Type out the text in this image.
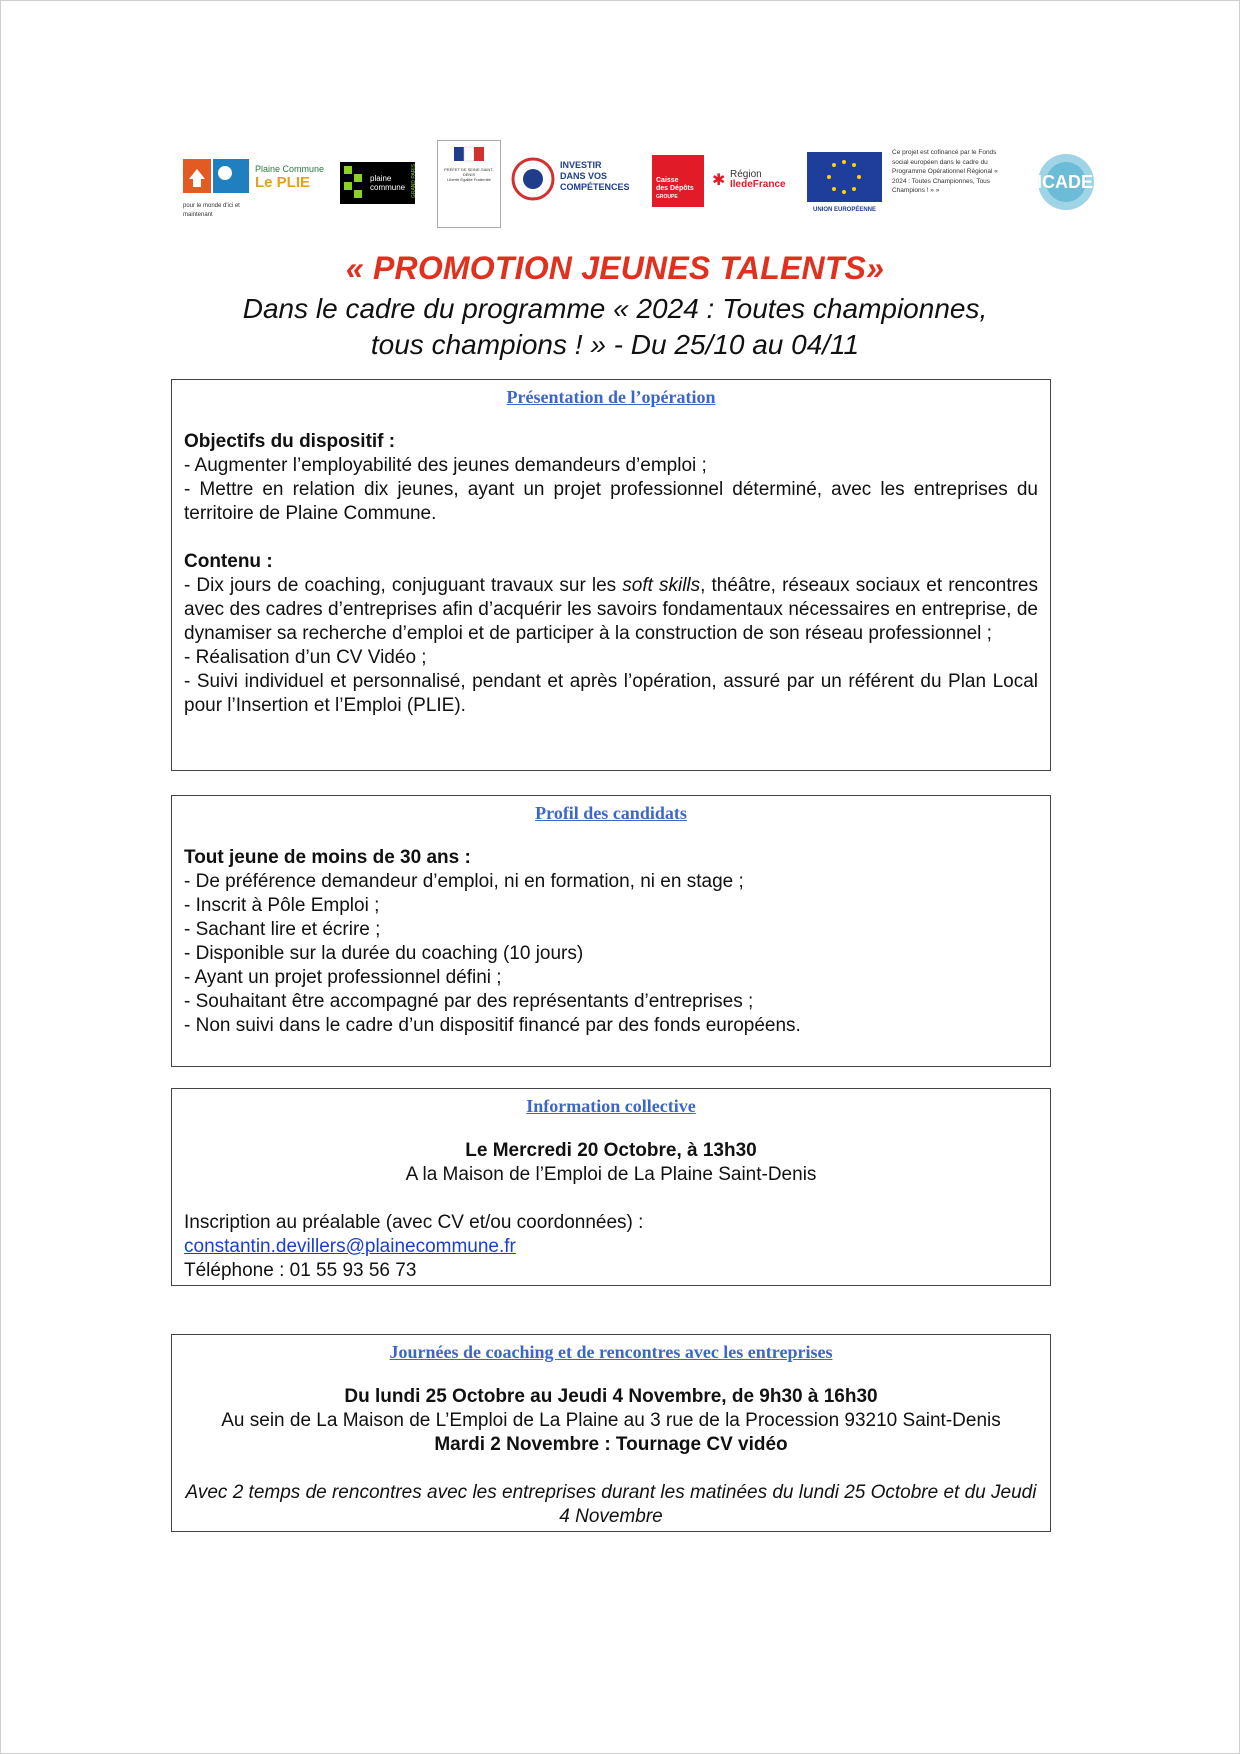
pour le monde d'ici et maintenant
Plaine Commune
Le PLIE	plaine
commune GRAND PARIS	PRÉFET DE SEINE-SAINT-DENIS
Liberté Égalité Fraternité
INVESTIR
DANS VOS
COMPÉTENCES
Caisse
des Dépôts
GROUPE
✱ Région
IledeFrance
UNION EUROPÉENNE
Ce projet est cofinancé par le Fonds social européen dans le cadre du Programme Opérationnel Régional « 2024 : Toutes Championnes, Tous Champions ! » »	ICADE
« PROMOTION JEUNES TALENTS»
Dans le cadre du programme « 2024 : Toutes championnes,
tous champions ! » - Du 25/10 au 04/11
Présentation de l’opération
Objectifs du dispositif :
- Augmenter l’employabilité des jeunes demandeurs d’emploi ;
- Mettre en relation dix jeunes, ayant un projet professionnel déterminé, avec les entreprises du territoire de Plaine Commune.
Contenu :
- Dix jours de coaching, conjuguant travaux sur les soft skills, théâtre, réseaux sociaux et rencontres avec des cadres d’entreprises afin d’acquérir les savoirs fondamentaux nécessaires en entreprise, de dynamiser sa recherche d’emploi et de participer à la construction de son réseau professionnel ;
- Réalisation d’un CV Vidéo ;
- Suivi individuel et personnalisé, pendant et après l’opération, assuré par un référent du Plan Local pour l’Insertion et l’Emploi (PLIE).
Profil des candidats
Tout jeune de moins de 30 ans :
- De préférence demandeur d’emploi, ni en formation, ni en stage ;
- Inscrit à Pôle Emploi ;
- Sachant lire et écrire ;
- Disponible sur la durée du coaching (10 jours)
- Ayant un projet professionnel défini ;
- Souhaitant être accompagné par des représentants d’entreprises ;
- Non suivi dans le cadre d’un dispositif financé par des fonds européens.
Information collective
Le Mercredi 20 Octobre, à 13h30
A la Maison de l’Emploi de La Plaine Saint-Denis
Inscription au préalable (avec CV et/ou coordonnées) :
constantin.devillers@plainecommune.fr
Téléphone : 01 55 93 56 73
Journées de coaching et de rencontres avec les entreprises
Du lundi 25 Octobre au Jeudi 4 Novembre, de 9h30 à 16h30
Au sein de La Maison de L’Emploi de La Plaine au 3 rue de la Procession 93210 Saint-Denis
Mardi 2 Novembre : Tournage CV vidéo
Avec 2 temps de rencontres avec les entreprises durant les matinées du lundi 25 Octobre et du Jeudi 4 Novembre
